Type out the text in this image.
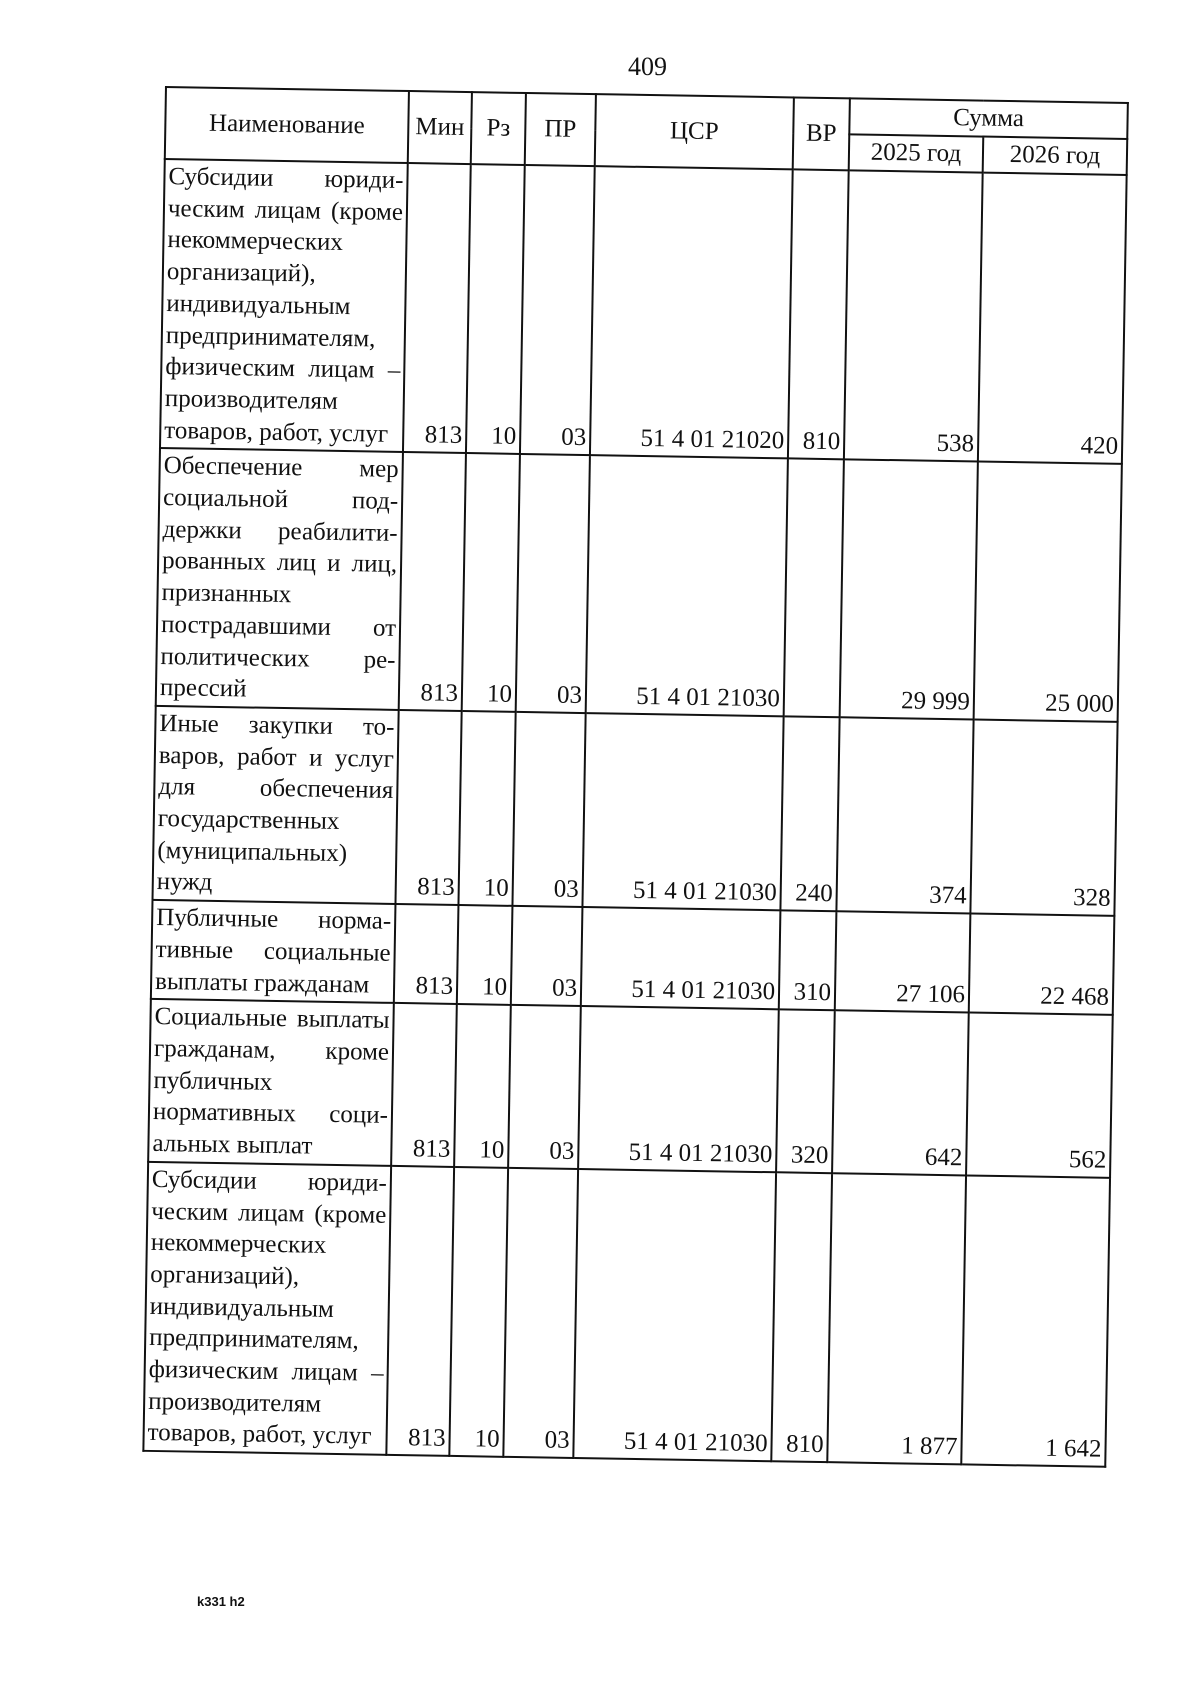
409
Наименование	Мин	Рз	ПР	ЦСР	ВР	Сумма	
						2025 год	2026 год
Субсидии юридическим лицам (кроме некоммерческих организаций), индивидуальным предпринимателям, физическим лицам – производителям товаров, работ, услуг	813	10	03	51 4 01 21020	810	538	420
Обеспечение мер социальной поддержки реабилитированных лиц и лиц, признанных пострадавшими от политических репрессий	813	10	03	51 4 01 21030		29 999	25 000
Иные закупки товаров, работ и услуг для обеспечения государственных (муниципальных) нужд	813	10	03	51 4 01 21030	240	374	328
Публичные нормативные социальные выплаты гражданам	813	10	03	51 4 01 21030	310	27 106	22 468
Социальные выплаты гражданам, кроме публичных нормативных социальных выплат	813	10	03	51 4 01 21030	320	642	562
Субсидии юридическим лицам (кроме некоммерческих организаций), индивидуальным предпринимателям, физическим лицам – производителям товаров, работ, услуг	813	10	03	51 4 01 21030	810	1 877	1 642
k331 h2
